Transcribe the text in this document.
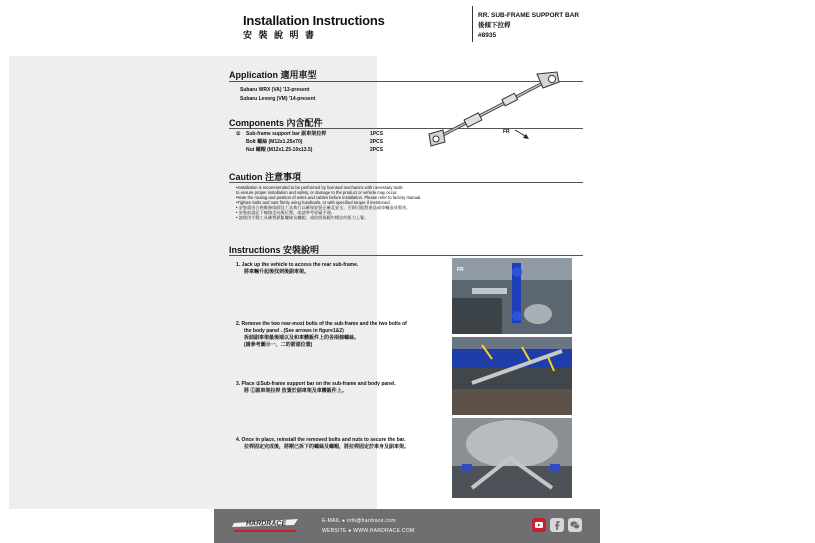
Installation Instructions
安 裝 說 明 書
RR. SUB-FRAME SUPPORT BAR
後傾下拉桿
#8935
Application 適用車型
Subaru WRX (VA) '13-present
Subaru Levorg (VM) '14-present
Components 內含配件
① Sub-frame support bar 副車架拉桿	1PCS
Bolt 螺絲 (M12x1.25x70)	2PCS
Nut 螺帽 (M12x1.25-10x13.5)	2PCS
FR
Caution 注意事項
•Installation is recommended to be performed by licensed mechanics with necessary tools
to ensure proper installation and safety, or damage to the product or vehicle may occur.
•Note the routing and position of wires and cables before installation. Please refer to factory manual.
•Tighten bolts and nuts firmly using handtools, or with specified torque if mentioned.
• 安裝需由合格維修技師及工具執行以確保安裝正確及安全，否則可能對產品或車輛造成傷害。
• 安裝前請記下線路走向與位置，或請參考原廠手冊。
• 請使用手動工具確實鎖緊螺絲及螺帽，或依照規範中標註的扭力上緊。
Instructions 安裝說明
1. Jack up the vehicle to access the rear sub-frame.
將車輛升起後找到後副車架。
2. Remove the two rear-most bolts of the sub-frame and the two bolts of
the body panel . (See arrows in figure1&2)
拆卸副車架最後端以及和車體鈑件上的各兩個螺絲。
(請參考圖示一、二的箭頭位置)
3. Place ①Sub-frame support bar on the sub-frame and body panel.
將 ①副車架拉桿 放置於副車架及車體鈑件上。
4. Once in place, reinstall the removed bolts and nuts to secure the bar.
拉桿固定完成後，將剛已拆下的螺絲及螺帽，將拉桿固定於車身及副車架。
FR
HARDRACE	E-MAIL ● info@hardrace.com
WEBSITE ● WWW.HARDRACE.COM
